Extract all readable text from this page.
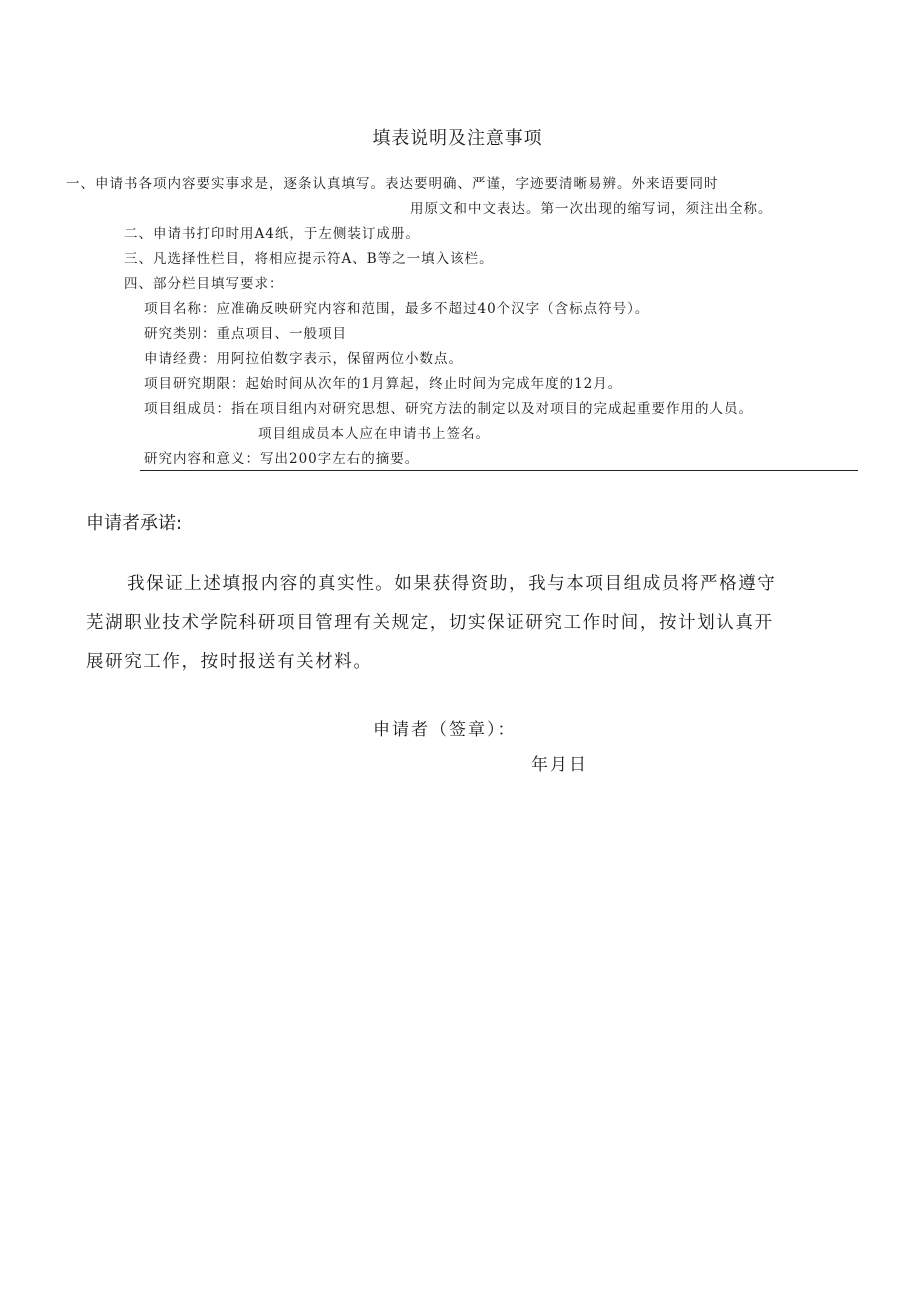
填表说明及注意事项
一、申请书各项内容要实事求是，逐条认真填写。表达要明确、严谨，字迹要清晰易辨。外来语要同时
用原文和中文表达。第一次出现的缩写词，须注出全称。
二、申请书打印时用A4纸，于左侧装订成册。
三、凡选择性栏目，将相应提示符A、B等之一填入该栏。
四、部分栏目填写要求：
项目名称：应准确反映研究内容和范围，最多不超过40个汉字（含标点符号）。
研究类别：重点项目、一般项目
申请经费：用阿拉伯数字表示，保留两位小数点。
项目研究期限：起始时间从次年的1月算起，终止时间为完成年度的12月。
项目组成员：指在项目组内对研究思想、研究方法的制定以及对项目的完成起重要作用的人员。
项目组成员本人应在申请书上签名。
研究内容和意义：写出200字左右的摘要。
申请者承诺:
我保证上述填报内容的真实性。如果获得资助，我与本项目组成员将严格遵守
芜湖职业技术学院科研项目管理有关规定，切实保证研究工作时间，按计划认真开
展研究工作，按时报送有关材料。
申请者（签章）：
年月日
